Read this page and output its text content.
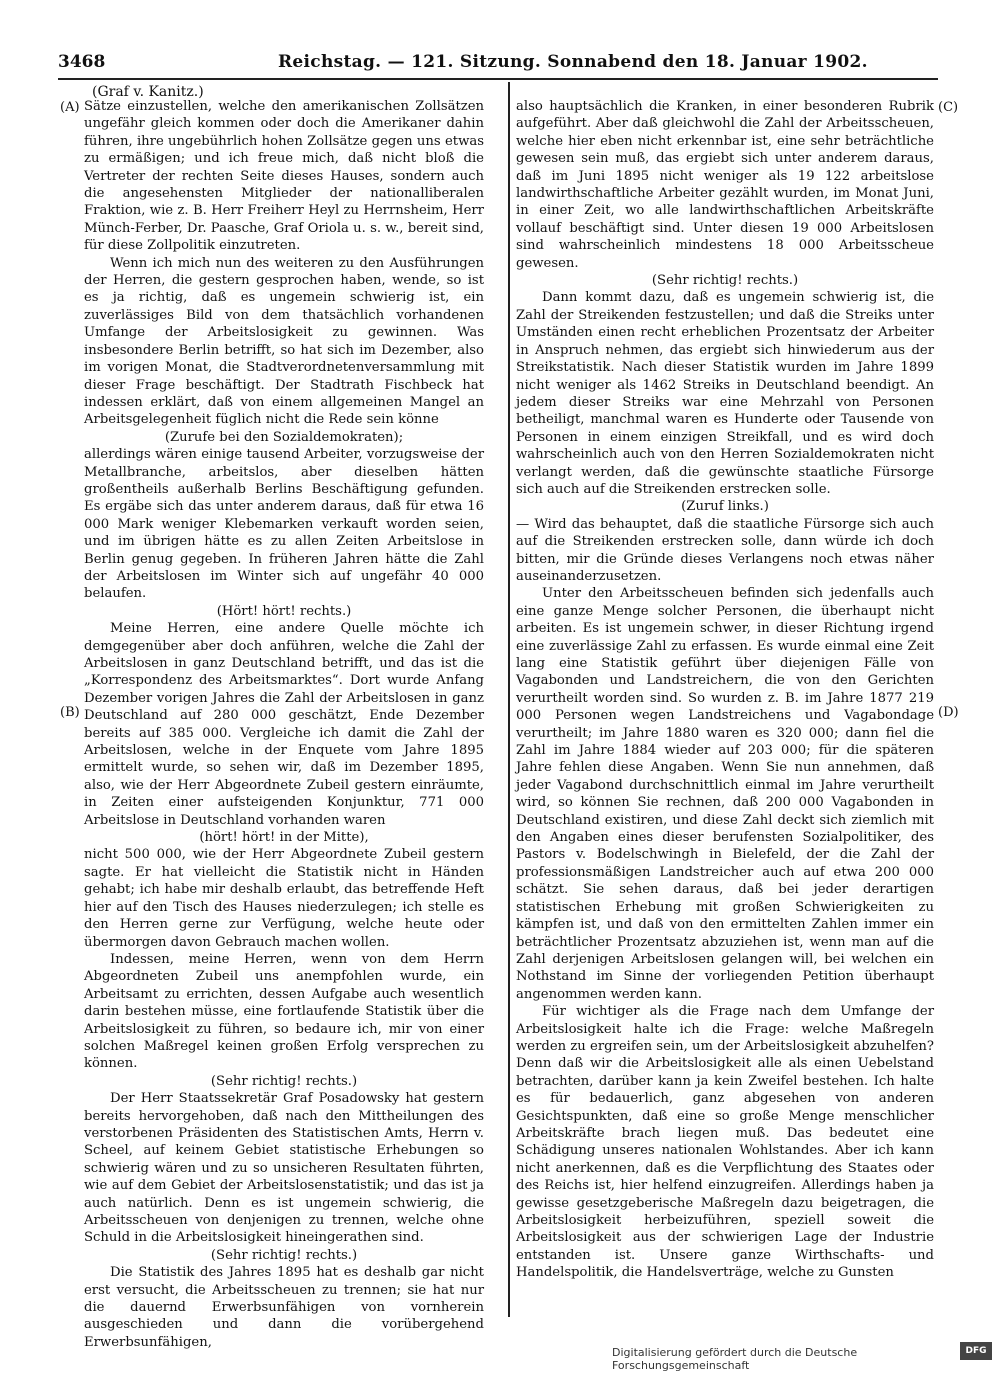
3468	Reichstag. — 121. Sitzung. Sonnabend den 18. Januar 1902.
(Graf v. Kanitz.)
(A)
(B)
(C)
(D)

Sätze einzustellen, welche den amerikanischen Zollsätzen ungefähr gleich kommen oder doch die Amerikaner dahin führen, ihre ungebührlich hohen Zollsätze gegen uns etwas zu ermäßigen; und ich freue mich, daß nicht bloß die Vertreter der rechten Seite dieses Hauses, sondern auch die angesehensten Mitglieder der nationalliberalen Fraktion, wie z. B. Herr Freiherr Heyl zu Herrnsheim, Herr Münch-Ferber, Dr. Paasche, Graf Oriola u. s. w., bereit sind, für diese Zollpolitik einzutreten.

Wenn ich mich nun des weiteren zu den Ausführungen der Herren, die gestern gesprochen haben, wende, so ist es ja richtig, daß es ungemein schwierig ist, ein zuverlässiges Bild von dem thatsächlich vorhandenen Umfange der Arbeitslosigkeit zu gewinnen. Was insbesondere Berlin betrifft, so hat sich im Dezember, also im vorigen Monat, die Stadtverordnetenversammlung mit dieser Frage beschäftigt. Der Stadtrath Fischbeck hat indessen erklärt, daß von einem allgemeinen Mangel an Arbeitsgelegenheit füglich nicht die Rede sein könne

(Zurufe bei den Sozialdemokraten);

allerdings wären einige tausend Arbeiter, vorzugsweise der Metallbranche, arbeitslos, aber dieselben hätten großentheils außerhalb Berlins Beschäftigung gefunden. Es ergäbe sich das unter anderem daraus, daß für etwa 16 000 Mark weniger Klebemarken verkauft worden seien, und im übrigen hätte es zu allen Zeiten Arbeitslose in Berlin genug gegeben. In früheren Jahren hätte die Zahl der Arbeitslosen im Winter sich auf ungefähr 40 000 belaufen.

(Hört! hört! rechts.)

Meine Herren, eine andere Quelle möchte ich demgegenüber aber doch anführen, welche die Zahl der Arbeitslosen in ganz Deutschland betrifft, und das ist die „Korrespondenz des Arbeitsmarktes“. Dort wurde Anfang Dezember vorigen Jahres die Zahl der Arbeitslosen in ganz Deutschland auf 280 000 geschätzt, Ende Dezember bereits auf 385 000. Vergleiche ich damit die Zahl der Arbeitslosen, welche in der Enquete vom Jahre 1895 ermittelt wurde, so sehen wir, daß im Dezember 1895, also, wie der Herr Abgeordnete Zubeil gestern einräumte, in Zeiten einer aufsteigenden Konjunktur, 771 000 Arbeitslose in Deutschland vorhanden waren

(hört! hört! in der Mitte),

nicht 500 000, wie der Herr Abgeordnete Zubeil gestern sagte. Er hat vielleicht die Statistik nicht in Händen gehabt; ich habe mir deshalb erlaubt, das betreffende Heft hier auf den Tisch des Hauses niederzulegen; ich stelle es den Herren gerne zur Verfügung, welche heute oder übermorgen davon Gebrauch machen wollen.

Indessen, meine Herren, wenn von dem Herrn Abgeordneten Zubeil uns anempfohlen wurde, ein Arbeitsamt zu errichten, dessen Aufgabe auch wesentlich darin bestehen müsse, eine fortlaufende Statistik über die Arbeitslosigkeit zu führen, so bedaure ich, mir von einer solchen Maßregel keinen großen Erfolg versprechen zu können.

(Sehr richtig! rechts.)

Der Herr Staatssekretär Graf Posadowsky hat gestern bereits hervorgehoben, daß nach den Mittheilungen des verstorbenen Präsidenten des Statistischen Amts, Herrn v. Scheel, auf keinem Gebiet statistische Erhebungen so schwierig wären und zu so unsicheren Resultaten führten, wie auf dem Gebiet der Arbeitslosenstatistik; und das ist ja auch natürlich. Denn es ist ungemein schwierig, die Arbeitsscheuen von denjenigen zu trennen, welche ohne Schuld in die Arbeitslosigkeit hineingerathen sind.

(Sehr richtig! rechts.)

Die Statistik des Jahres 1895 hat es deshalb gar nicht erst versucht, die Arbeitsscheuen zu trennen; sie hat nur die dauernd Erwerbsunfähigen von vornherein ausgeschieden und dann die vorübergehend Erwerbsunfähigen,

also hauptsächlich die Kranken, in einer besonderen Rubrik aufgeführt. Aber daß gleichwohl die Zahl der Arbeitsscheuen, welche hier eben nicht erkennbar ist, eine sehr beträchtliche gewesen sein muß, das ergiebt sich unter anderem daraus, daß im Juni 1895 nicht weniger als 19 122 arbeitslose landwirthschaftliche Arbeiter gezählt wurden, im Monat Juni, in einer Zeit, wo alle landwirthschaftlichen Arbeitskräfte vollauf beschäftigt sind. Unter diesen 19 000 Arbeitslosen sind wahrscheinlich mindestens 18 000 Arbeitsscheue gewesen.

(Sehr richtig! rechts.)

Dann kommt dazu, daß es ungemein schwierig ist, die Zahl der Streikenden festzustellen; und daß die Streiks unter Umständen einen recht erheblichen Prozentsatz der Arbeiter in Anspruch nehmen, das ergiebt sich hinwiederum aus der Streikstatistik. Nach dieser Statistik wurden im Jahre 1899 nicht weniger als 1462 Streiks in Deutschland beendigt. An jedem dieser Streiks war eine Mehrzahl von Personen betheiligt, manchmal waren es Hunderte oder Tausende von Personen in einem einzigen Streikfall, und es wird doch wahrscheinlich auch von den Herren Sozialdemokraten nicht verlangt werden, daß die gewünschte staatliche Fürsorge sich auch auf die Streikenden erstrecken solle.

(Zuruf links.)

— Wird das behauptet, daß die staatliche Fürsorge sich auch auf die Streikenden erstrecken solle, dann würde ich doch bitten, mir die Gründe dieses Verlangens noch etwas näher auseinanderzusetzen.

Unter den Arbeitsscheuen befinden sich jedenfalls auch eine ganze Menge solcher Personen, die überhaupt nicht arbeiten. Es ist ungemein schwer, in dieser Richtung irgend eine zuverlässige Zahl zu erfassen. Es wurde einmal eine Zeit lang eine Statistik geführt über diejenigen Fälle von Vagabonden und Landstreichern, die von den Gerichten verurtheilt worden sind. So wurden z. B. im Jahre 1877 219 000 Personen wegen Landstreichens und Vagabondage verurtheilt; im Jahre 1880 waren es 320 000; dann fiel die Zahl im Jahre 1884 wieder auf 203 000; für die späteren Jahre fehlen diese Angaben. Wenn Sie nun annehmen, daß jeder Vagabond durchschnittlich einmal im Jahre verurtheilt wird, so können Sie rechnen, daß 200 000 Vagabonden in Deutschland existiren, und diese Zahl deckt sich ziemlich mit den Angaben eines dieser berufensten Sozialpolitiker, des Pastors v. Bodelschwingh in Bielefeld, der die Zahl der professionsmäßigen Landstreicher auch auf etwa 200 000 schätzt. Sie sehen daraus, daß bei jeder derartigen statistischen Erhebung mit großen Schwierigkeiten zu kämpfen ist, und daß von den ermittelten Zahlen immer ein beträchtlicher Prozentsatz abzuziehen ist, wenn man auf die Zahl derjenigen Arbeitslosen gelangen will, bei welchen ein Nothstand im Sinne der vorliegenden Petition überhaupt angenommen werden kann.

Für wichtiger als die Frage nach dem Umfange der Arbeitslosigkeit halte ich die Frage: welche Maßregeln werden zu ergreifen sein, um der Arbeitslosigkeit abzuhelfen? Denn daß wir die Arbeitslosigkeit alle als einen Uebelstand betrachten, darüber kann ja kein Zweifel bestehen. Ich halte es für bedauerlich, ganz abgesehen von anderen Gesichtspunkten, daß eine so große Menge menschlicher Arbeitskräfte brach liegen muß. Das bedeutet eine Schädigung unseres nationalen Wohlstandes. Aber ich kann nicht anerkennen, daß es die Verpflichtung des Staates oder des Reichs ist, hier helfend einzugreifen. Allerdings haben ja gewisse gesetzgeberische Maßregeln dazu beigetragen, die Arbeitslosigkeit herbeizuführen, speziell soweit die Arbeitslosigkeit aus der schwierigen Lage der Industrie entstanden ist. Unsere ganze Wirthschafts- und Handelspolitik, die Handelsverträge, welche zu Gunsten

Digitalisierung gefördert durch die Deutsche Forschungsgemeinschaft
DFG
